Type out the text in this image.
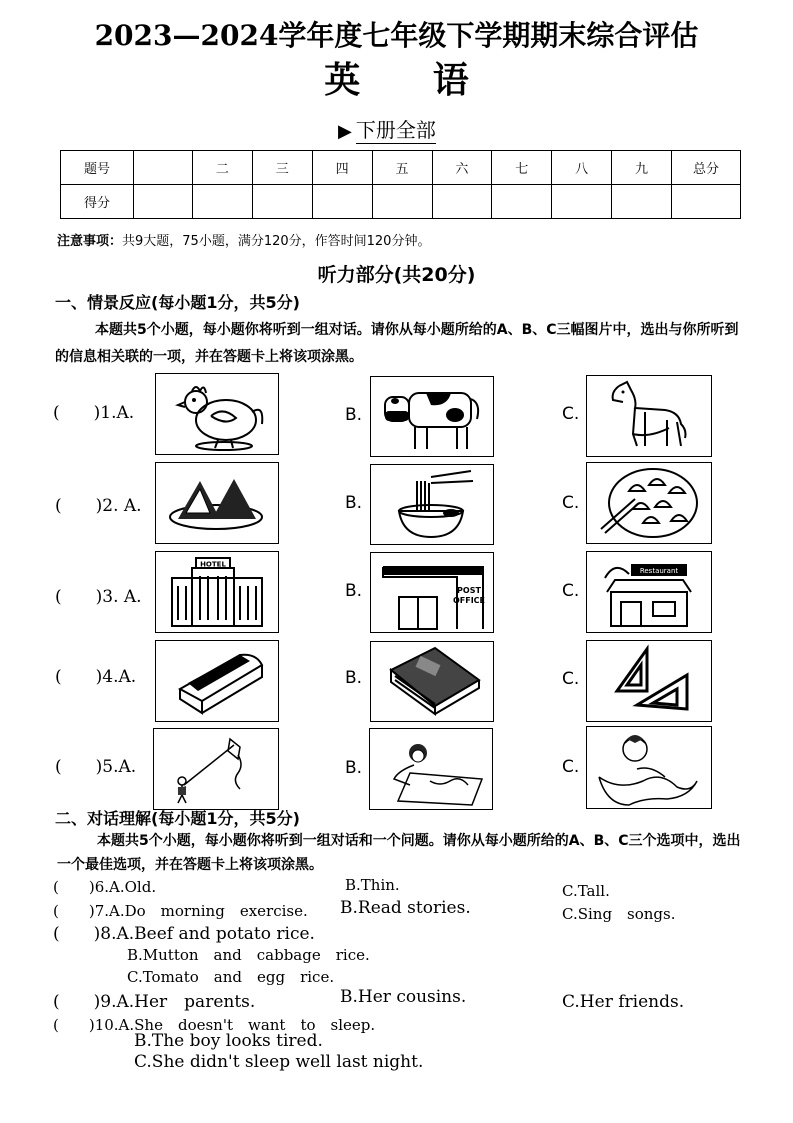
2023—2024学年度七年级下学期期末综合评估
英 语
▶ 下册全部
题号		二	三	四	五	六	七	八	九	总分
得分										
注意事项：共9大题，75小题，满分120分，作答时间120分钟。
听力部分(共20分)
一、情景反应(每小题1分，共5分)
本题共5个小题，每小题你将听到一组对话。请你从每小题所给的A、B、C三幅图片中，选出与你所听到的信息相关联的一项，并在答题卡上将该项涂黑。
(　　)1.A.	B.	C.
(　　)2. A.	B.	C.
(　　)3. A.	B.	C.
HOTEL
POST
OFFICE
Restaurant
(　　)4.A.	B.	C.
(　　)5.A.	B.	C.
二、对话理解(每小题1分，共5分)
本题共5个小题，每小题你将听到一组对话和一个问题。请你从每小题所给的A、B、C三个选项中，选出一个最佳选项，并在答题卡上将该项涂黑。
(　　)6.A.Old.	B.Thin.	C.Tall.
(　　)7.A.Do　morning　exercise. B.Read stories.	C.Sing　songs.
(　　)8.A.Beef and potato rice.
B.Mutton　and　cabbage　rice.
C.Tomato　and　egg　rice.
(　　)9.A.Her　parents.	B.Her cousins.	C.Her friends.
(　　)10.A.She　doesn't　want　to　sleep.
B.The boy looks tired.
C.She didn't sleep well last night.
